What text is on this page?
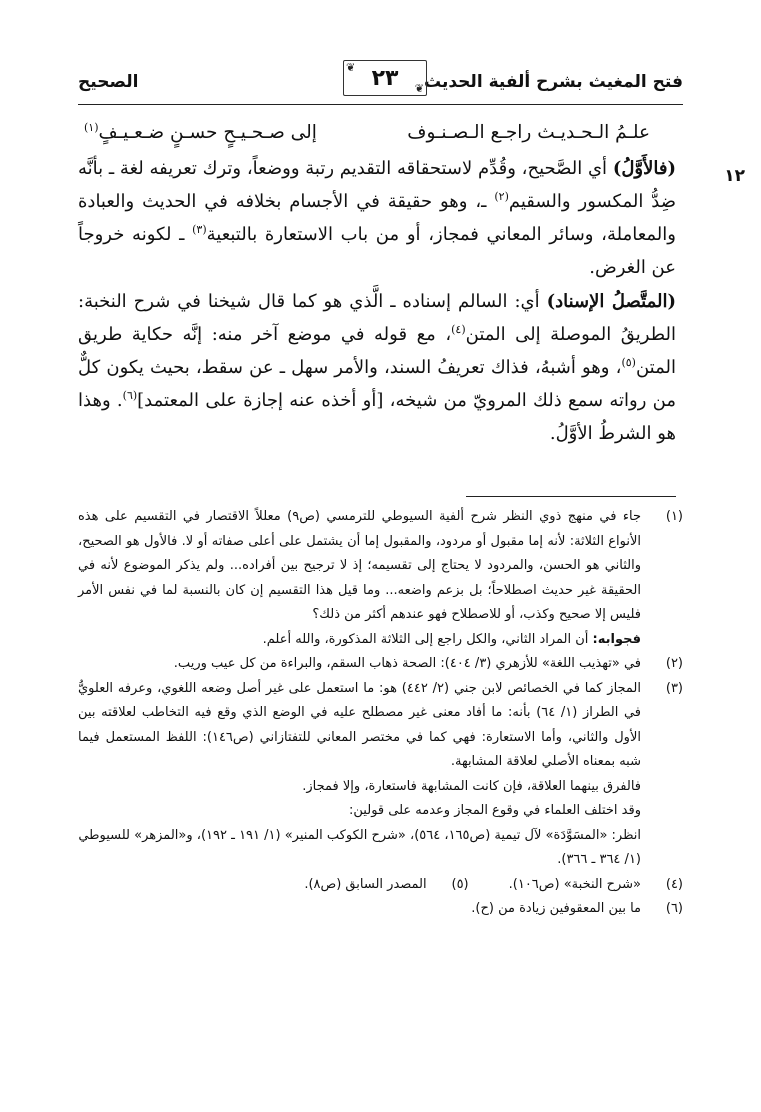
فتح المغيث بشرح ألفية الحديث
❦ ٢٣ ❦
الصحيح
١٢
علـمُ الـحـديـث راجـع الـصـنـوف
إلى صـحـيـحٍ حسـنٍ ضـعـيـفٍ$^{(١)}$

(فالأَوَّلُ) أي الصَّحيح، وقُدِّم لاستحقاقه التقديم رتبة ووضعاً، وترك تعريفه لغة ـ بأنَّه ضِدُّ المكسور والسقيم$^{(٢)}$ ـ، وهو حقيقة في الأجسام بخلافه في الحديث والعبادة والمعاملة، وسائر المعاني فمجاز، أو من باب الاستعارة بالتبعية$^{(٣)}$ ـ لكونه خروجاً عن الغرض.

(المتَّصلُ الإسناد) أي: السالم إسناده ـ الَّذي هو كما قال شيخنا في شرح النخبة: الطريقُ الموصلة إلى المتن$^{(٤)}$، مع قوله في موضع آخر منه: إنَّه حكاية طريق المتن$^{(٥)}$، وهو أشبهُ، فذاك تعريفُ السند، والأمر سهل ـ عن سقط، بحيث يكون كلٌّ من رواته سمع ذلك المرويّ من شيخه، [أو أخذه عنه إجازة على المعتمد]$^{(٦)}$. وهذا هو الشرطُ الأوَّلُ.

(١)
جاء في منهج ذوي النظر شرح ألفية السيوطي للترمسي (ص٩) معللاً الاقتصار في التقسيم على هذه الأنواع الثلاثة: لأنه إما مقبول أو مردود، والمقبول إما أن يشتمل على أعلى صفاته أو لا. فالأول هو الصحيح، والثاني هو الحسن، والمردود لا يحتاج إلى تقسيمه؛ إذ لا ترجيح بين أفراده... ولم يذكر الموضوع لأنه في الحقيقة غير حديث اصطلاحاً؛ بل بزعم واضعه... وما قيل هذا التقسيم إن كان بالنسبة لما في نفس الأمر فليس إلا صحيح وكذب، أو للاصطلاح فهو عندهم أكثر من ذلك؟
فجوابه: أن المراد الثاني، والكل راجع إلى الثلاثة المذكورة، والله أعلم.
(٢)
في «تهذيب اللغة» للأزهري (٣/ ٤٠٤): الصحة ذهاب السقم، والبراءة من كل عيب وريب.
(٣)
المجاز كما في الخصائص لابن جني (٢/ ٤٤٢) هو: ما استعمل على غير أصل وضعه اللغوي، وعرفه العلويُّ في الطراز (١/ ٦٤) بأنه: ما أفاد معنى غير مصطلح عليه في الوضع الذي وقع فيه التخاطب لعلاقته بين الأول والثاني، وأما الاستعارة: فهي كما في مختصر المعاني للتفتازاني (ص١٤٦): اللفظ المستعمل فيما شبه بمعناه الأصلي لعلاقة المشابهة.

فالفرق بينهما العلاقة، فإن كانت المشابهة فاستعارة، وإلا فمجاز.

وقد اختلف العلماء في وقوع المجاز وعدمه على قولين:

انظر: «المسَوَّدَة» لآل تيمية (ص١٦٥، ٥٦٤)، «شرح الكوكب المنير» (١/ ١٩١ ـ ١٩٢)، و«المزهر» للسيوطي (١/ ٣٦٤ ـ ٣٦٦).

(٤)
«شرح النخبة» (ص١٠٦).
(٥)
المصدر السابق (ص٨).
(٦)
ما بين المعقوفين زيادة من (ح).
